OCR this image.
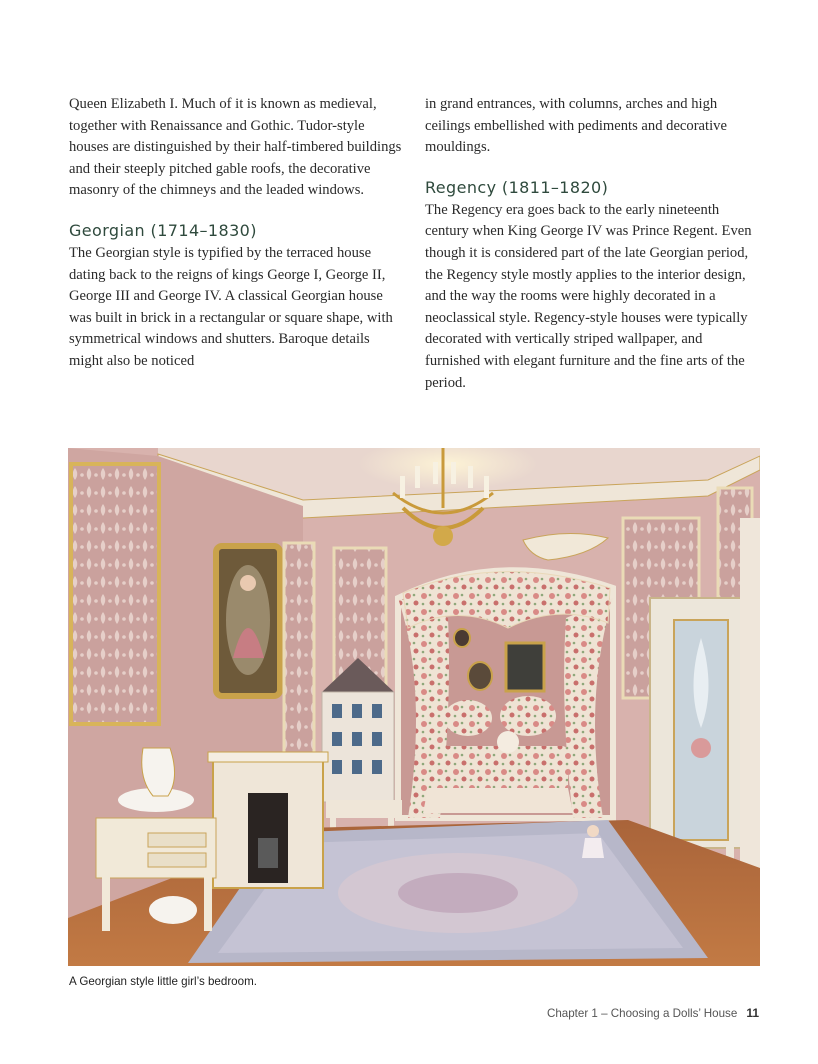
Queen Elizabeth I. Much of it is known as medieval, together with Renaissance and Gothic. Tudor-style houses are distinguished by their half-timbered buildings and their steeply pitched gable roofs, the decorative masonry of the chimneys and the leaded windows.

Georgian (1714–1830)

The Georgian style is typified by the terraced house dating back to the reigns of kings George I, George II, George III and George IV. A classical Georgian house was built in brick in a rectangular or square shape, with symmetrical windows and shutters. Baroque details might also be noticed

in grand entrances, with columns, arches and high ceilings embellished with pediments and decorative mouldings.

Regency (1811–1820)

The Regency era goes back to the early nineteenth century when King George IV was Prince Regent. Even though it is considered part of the late Georgian period, the Regency style mostly applies to the interior design, and the way the rooms were highly decorated in a neoclassical style. Regency-style houses were typically decorated with vertically striped wallpaper, and furnished with elegant furniture and the fine arts of the period.

A Georgian style little girl’s bedroom.
Chapter 1 – Choosing a Dolls’ House 11
